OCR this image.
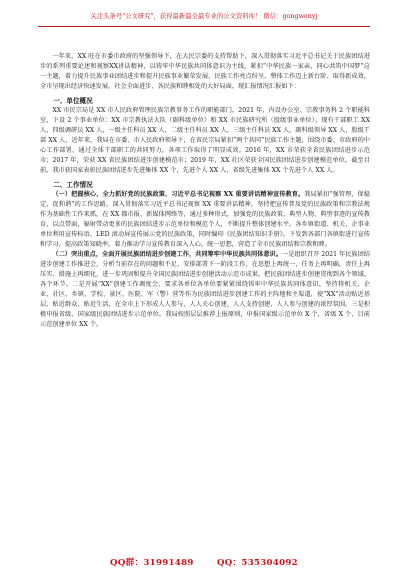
关注头条号"公文研究"，获得最新最全最专业的公文资料库！ 微信：gongwenyj

一年来，XX 旺在市委市政府的坚强领导下，在大民宗委的支持帮助下，深入贯彻落实习近平总书记关于民族团结进步的系列重要论述和视察XX讲话精神，以铸牢中华民族共同体意识为主线，紧扣“中华民族一家亲，同心共筑中国梦”这一主题，着力提升民族事业团结进步和提升民族事业繁荣发展，民族工作亮点纷呈，整体工作迈上新台阶、取得新成效，全市呈现出经济快速发展、社会全面进步、各民族和睦相处的大好局面。现汇报情况汇报如下：

一、单位概况

XX 市民宗局是 XX 市人民政府管理民族宗教事务工作的职能部门。2021 年，内设办公室、宗教事务科 2 个职能科室，下设 2 个事业单位：XX 市宗教执法大队（副科级单位）和 XX 市民族研究所（股级事业单位）。现有干部职工 XX 人，四级调研员 XX 人，一级主任科员 XX 人，二级主任科员 XX 人，三级主任科员 XX 人，副科级领导 XX 人，股级干部 XX 人、近年来，我局在市委、市人民政府领导下，在省民宗局紧扣“两个共同”民族工作主题，围绕市委、市政府的中心工作部署，通过全体干部职工的共同努力，各项工作取得了明显成效。2016 年，XX 市荣获全省民族团结进步示范市；2017 年，荣获 XX 省民族团结进步创建模范市；2019 年，XX 社区荣获全国民族团结进步创建模范单位。截至目前，我市获国家表彰民族团结进步先进集体 XX 个，先进个人 XX 人，省级先进集体 XX 个先进个人 XX 人。

二、工作情况

（一）把握核心，全力抓好党的民族政策、习近平总书记视察 XX 重要讲话精神宣传教育。我局紧扣“强管理、保稳定、促和谐”的工作思路，深入贯彻落实习近平总书记视察 XX 重要讲话精神，坚持把宣传普及党的民族政策和宗教法规作为基础性工作来抓，在 XX 都市报、新媒体网络等，通过多种形式，加强党的民族政策、典型人物、典型事迹的宣传教育，以点带面，辐射带动更多的民族团结进步示范单位和模范个人，不断提升整体创建水平。各乡镇街道、机关、企事业单位利用宣传标语、LED 滚动屏宣传展示党的民族政策，同时编印《民族团结知识手册》，下发到各部门各镇街进行宣传和学习，提高政策知晓率，着力推动学习宣传教育深入人心，统一思想，营造了全市民族团结和宗教和睦。

（二）突出重点，全面开展民族团结进步创建工作，共同筹牢中华民族共同体意识。一是组织召开 2021 年民族团结进步创建工作推进会，分析当前存在的问题和不足，安排部署下一阶段工作，在思想上再统一、任务上再明确，责任上再压实、措施上再细化，进一步巩固和提升全国民族团结进步创建活动示范市成果，把民族团结进步创建贯彻到各个领域、各个环节。二是开展“XX”创建工作调度会，要求各单位各单位要紧紧围绕铸牢中华民族共同体意识，坚持将机关、企业、社区、乡镇、学校、景区、医院、军（警）营等作为民族团结进步创建工作的主阵地和主渠道，使“XX”活动贴近基层、贴近群众，贴近生活，在全市上下形成人人参与、人人关心创建，人人支持创建，人人参与创建的浓厚氛围。三是积极申报省级、国家级民族团结进步示范单位。我局按照层层推荐上报原则，申报国家级示范单位 X 个，省级 X 个，目前示范创建单位 XX 个。

QQ群：31991489	QQ：535304092
